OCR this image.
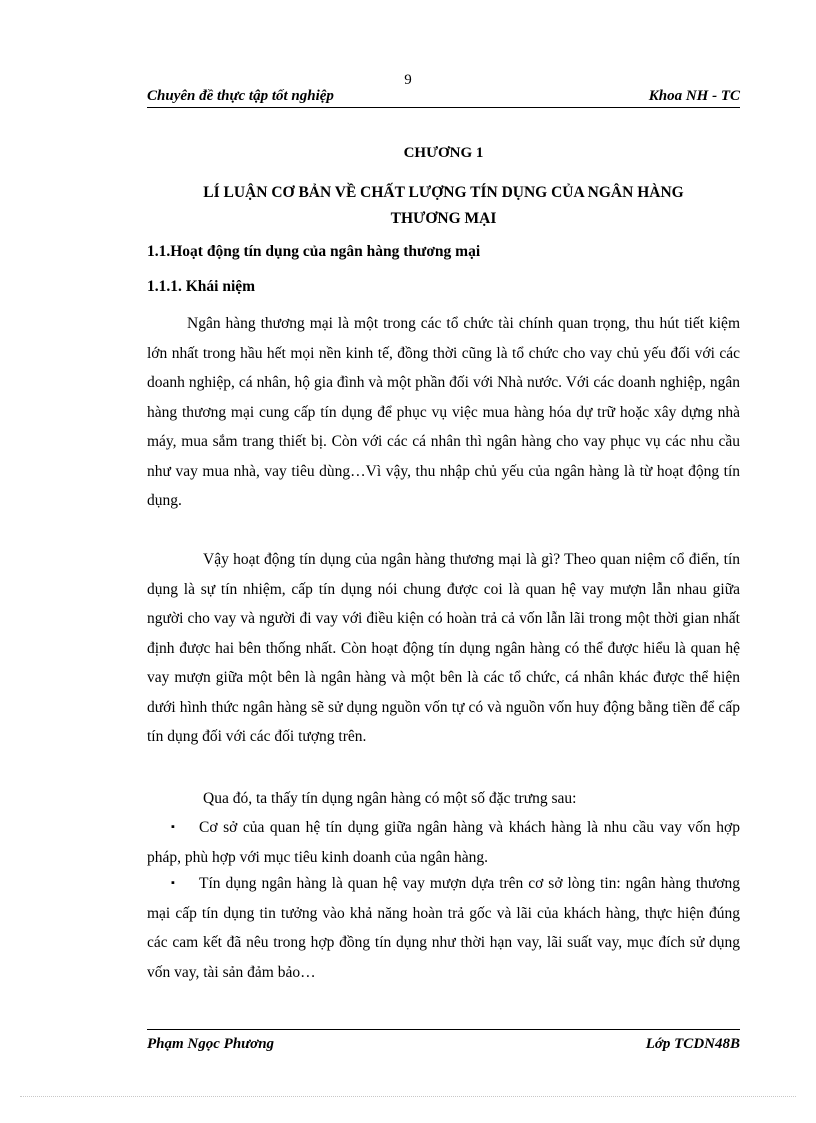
9
Chuyên đề thực tập tốt nghiệp	Khoa NH - TC
CHƯƠNG 1
LÍ LUẬN CƠ BẢN VỀ CHẤT LƯỢNG TÍN DỤNG CỦA NGÂN HÀNG
THƯƠNG MẠI
1.1.Hoạt động tín dụng của ngân hàng thương mại
1.1.1. Khái niệm
Ngân hàng thương mại là một trong các tổ chức tài chính quan trọng, thu hút tiết kiệm lớn nhất trong hầu hết mọi nền kinh tế, đồng thời cũng là tổ chức cho vay chủ yếu đối với các doanh nghiệp, cá nhân, hộ gia đình và một phần đối với Nhà nước. Với các doanh nghiệp, ngân hàng thương mại cung cấp tín dụng để phục vụ việc mua hàng hóa dự trữ hoặc xây dựng nhà máy, mua sắm trang thiết bị. Còn với các cá nhân thì ngân hàng cho vay phục vụ các nhu cầu như vay mua nhà, vay tiêu dùng…Vì vậy, thu nhập chủ yếu của ngân hàng là từ hoạt động tín dụng.
Vậy hoạt động tín dụng của ngân hàng thương mại là gì? Theo quan niệm cổ điển, tín dụng là sự tín nhiệm, cấp tín dụng nói chung được coi là quan hệ vay mượn lẫn nhau giữa người cho vay và người đi vay với điều kiện có hoàn trả cả vốn lẫn lãi trong một thời gian nhất định được hai bên thống nhất. Còn hoạt động tín dụng ngân hàng có thể được hiểu là quan hệ vay mượn giữa một bên là ngân hàng và một bên là các tổ chức, cá nhân khác được thể hiện dưới hình thức ngân hàng sẽ sử dụng nguồn vốn tự có và nguồn vốn huy động bằng tiền để cấp tín dụng đối với các đối tượng trên.
Qua đó, ta thấy tín dụng ngân hàng có một số đặc trưng sau:
▪	Cơ sở của quan hệ tín dụng giữa ngân hàng và khách hàng là nhu cầu vay vốn hợp pháp, phù hợp với mục tiêu kinh doanh của ngân hàng.
▪	Tín dụng ngân hàng là quan hệ vay mượn dựa trên cơ sở lòng tin: ngân hàng thương mại cấp tín dụng tin tưởng vào khả năng hoàn trả gốc và lãi của khách hàng, thực hiện đúng các cam kết đã nêu trong hợp đồng tín dụng như thời hạn vay, lãi suất vay, mục đích sử dụng vốn vay, tài sản đảm bảo…
Phạm Ngọc Phương	Lớp TCDN48B
